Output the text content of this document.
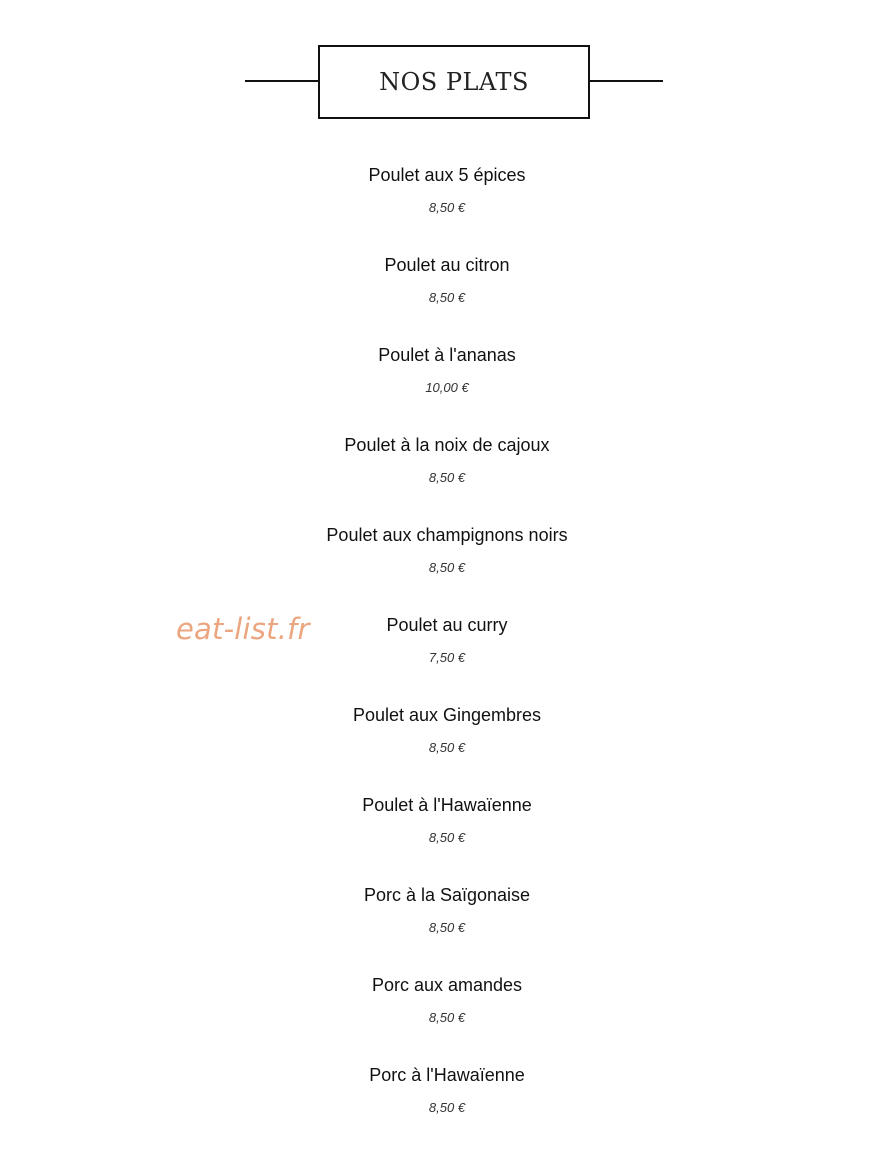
NOS PLATS
Poulet aux 5 épices
8,50 €
Poulet au citron
8,50 €
Poulet à l'ananas
10,00 €
Poulet à la noix de cajoux
8,50 €
Poulet aux champignons noirs
8,50 €
Poulet au curry
7,50 €
Poulet aux Gingembres
8,50 €
Poulet à l'Hawaïenne
8,50 €
Porc à la Saïgonaise
8,50 €
Porc aux amandes
8,50 €
Porc à l'Hawaïenne
8,50 €
eat-list.fr
